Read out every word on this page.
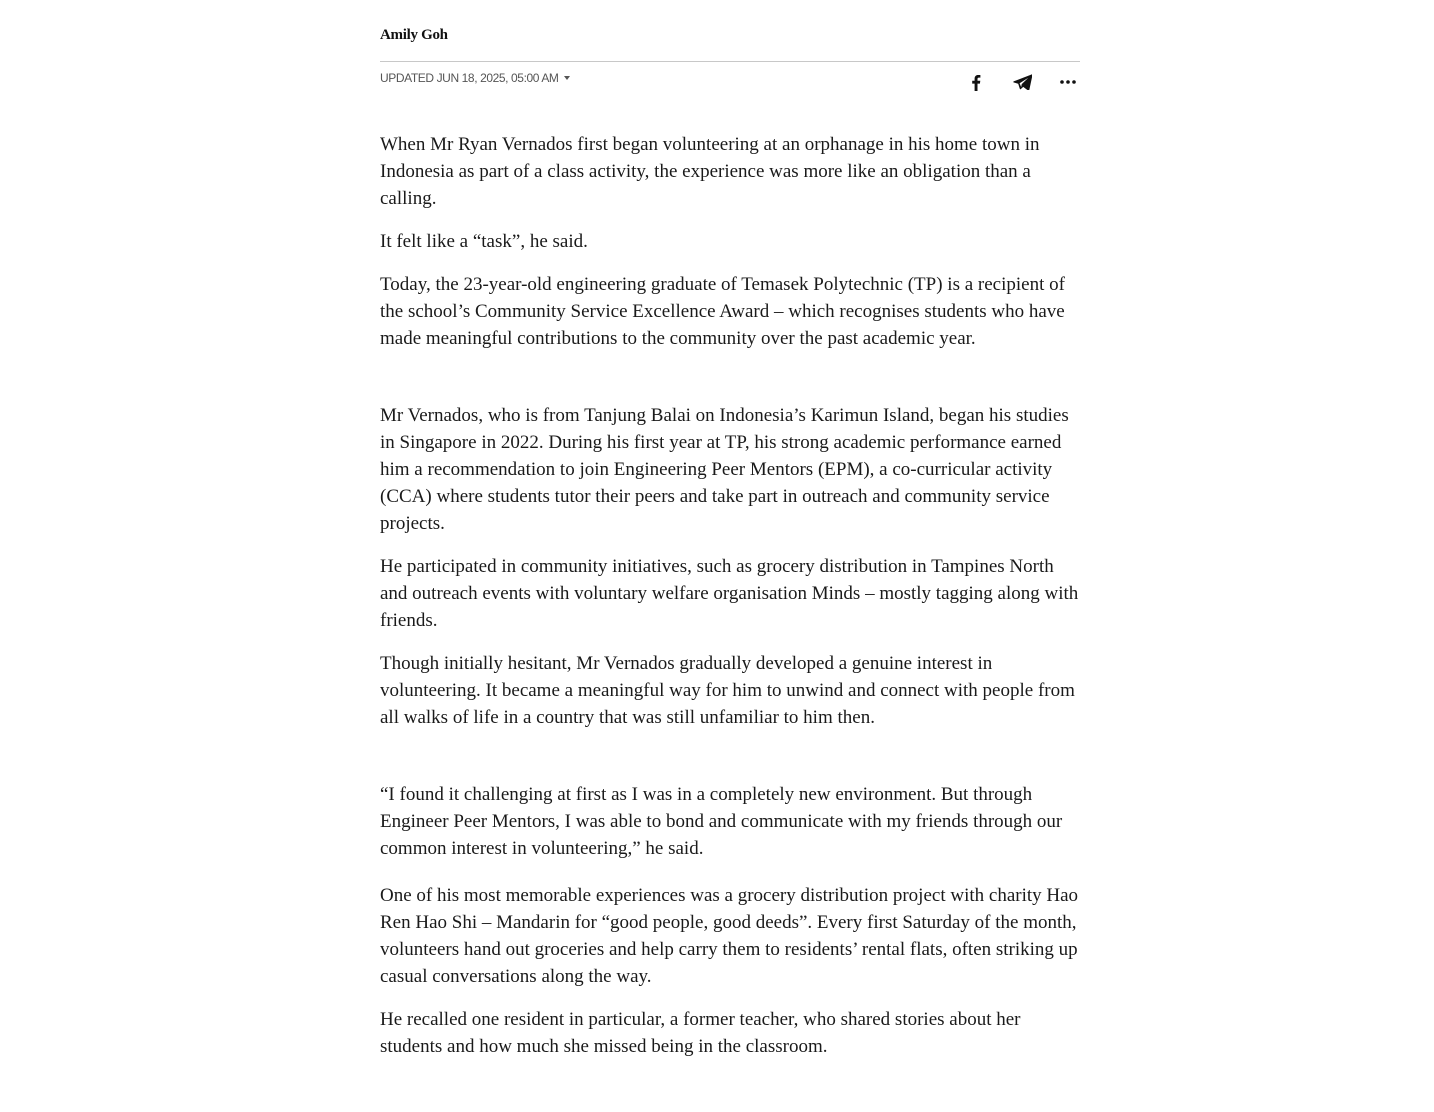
Amily Goh

UPDATED JUN 18, 2025, 05:00 AM

When Mr Ryan Vernados first began volunteering at an orphanage in his home town in Indonesia as part of a class activity, the experience was more like an obligation than a calling.

It felt like a “task”, he said.

Today, the 23-year-old engineering graduate of Temasek Polytechnic (TP) is a recipient of the school’s Community Service Excellence Award – which recognises students who have made meaningful contributions to the community over the past academic year.

Mr Vernados, who is from Tanjung Balai on Indonesia’s Karimun Island, began his studies in Singapore in 2022. During his first year at TP, his strong academic performance earned him a recommendation to join Engineering Peer Mentors (EPM), a co-curricular activity (CCA) where students tutor their peers and take part in outreach and community service projects.

He participated in community initiatives, such as grocery distribution in Tampines North and outreach events with voluntary welfare organisation Minds – mostly tagging along with friends.

Though initially hesitant, Mr Vernados gradually developed a genuine interest in volunteering. It became a meaningful way for him to unwind and connect with people from all walks of life in a country that was still unfamiliar to him then.

“I found it challenging at first as I was in a completely new environment. But through Engineer Peer Mentors, I was able to bond and communicate with my friends through our common interest in volunteering,” he said.

One of his most memorable experiences was a grocery distribution project with charity Hao Ren Hao Shi – Mandarin for “good people, good deeds”. Every first Saturday of the month, volunteers hand out groceries and help carry them to residents’ rental flats, often striking up casual conversations along the way.

He recalled one resident in particular, a former teacher, who shared stories about her students and how much she missed being in the classroom.
